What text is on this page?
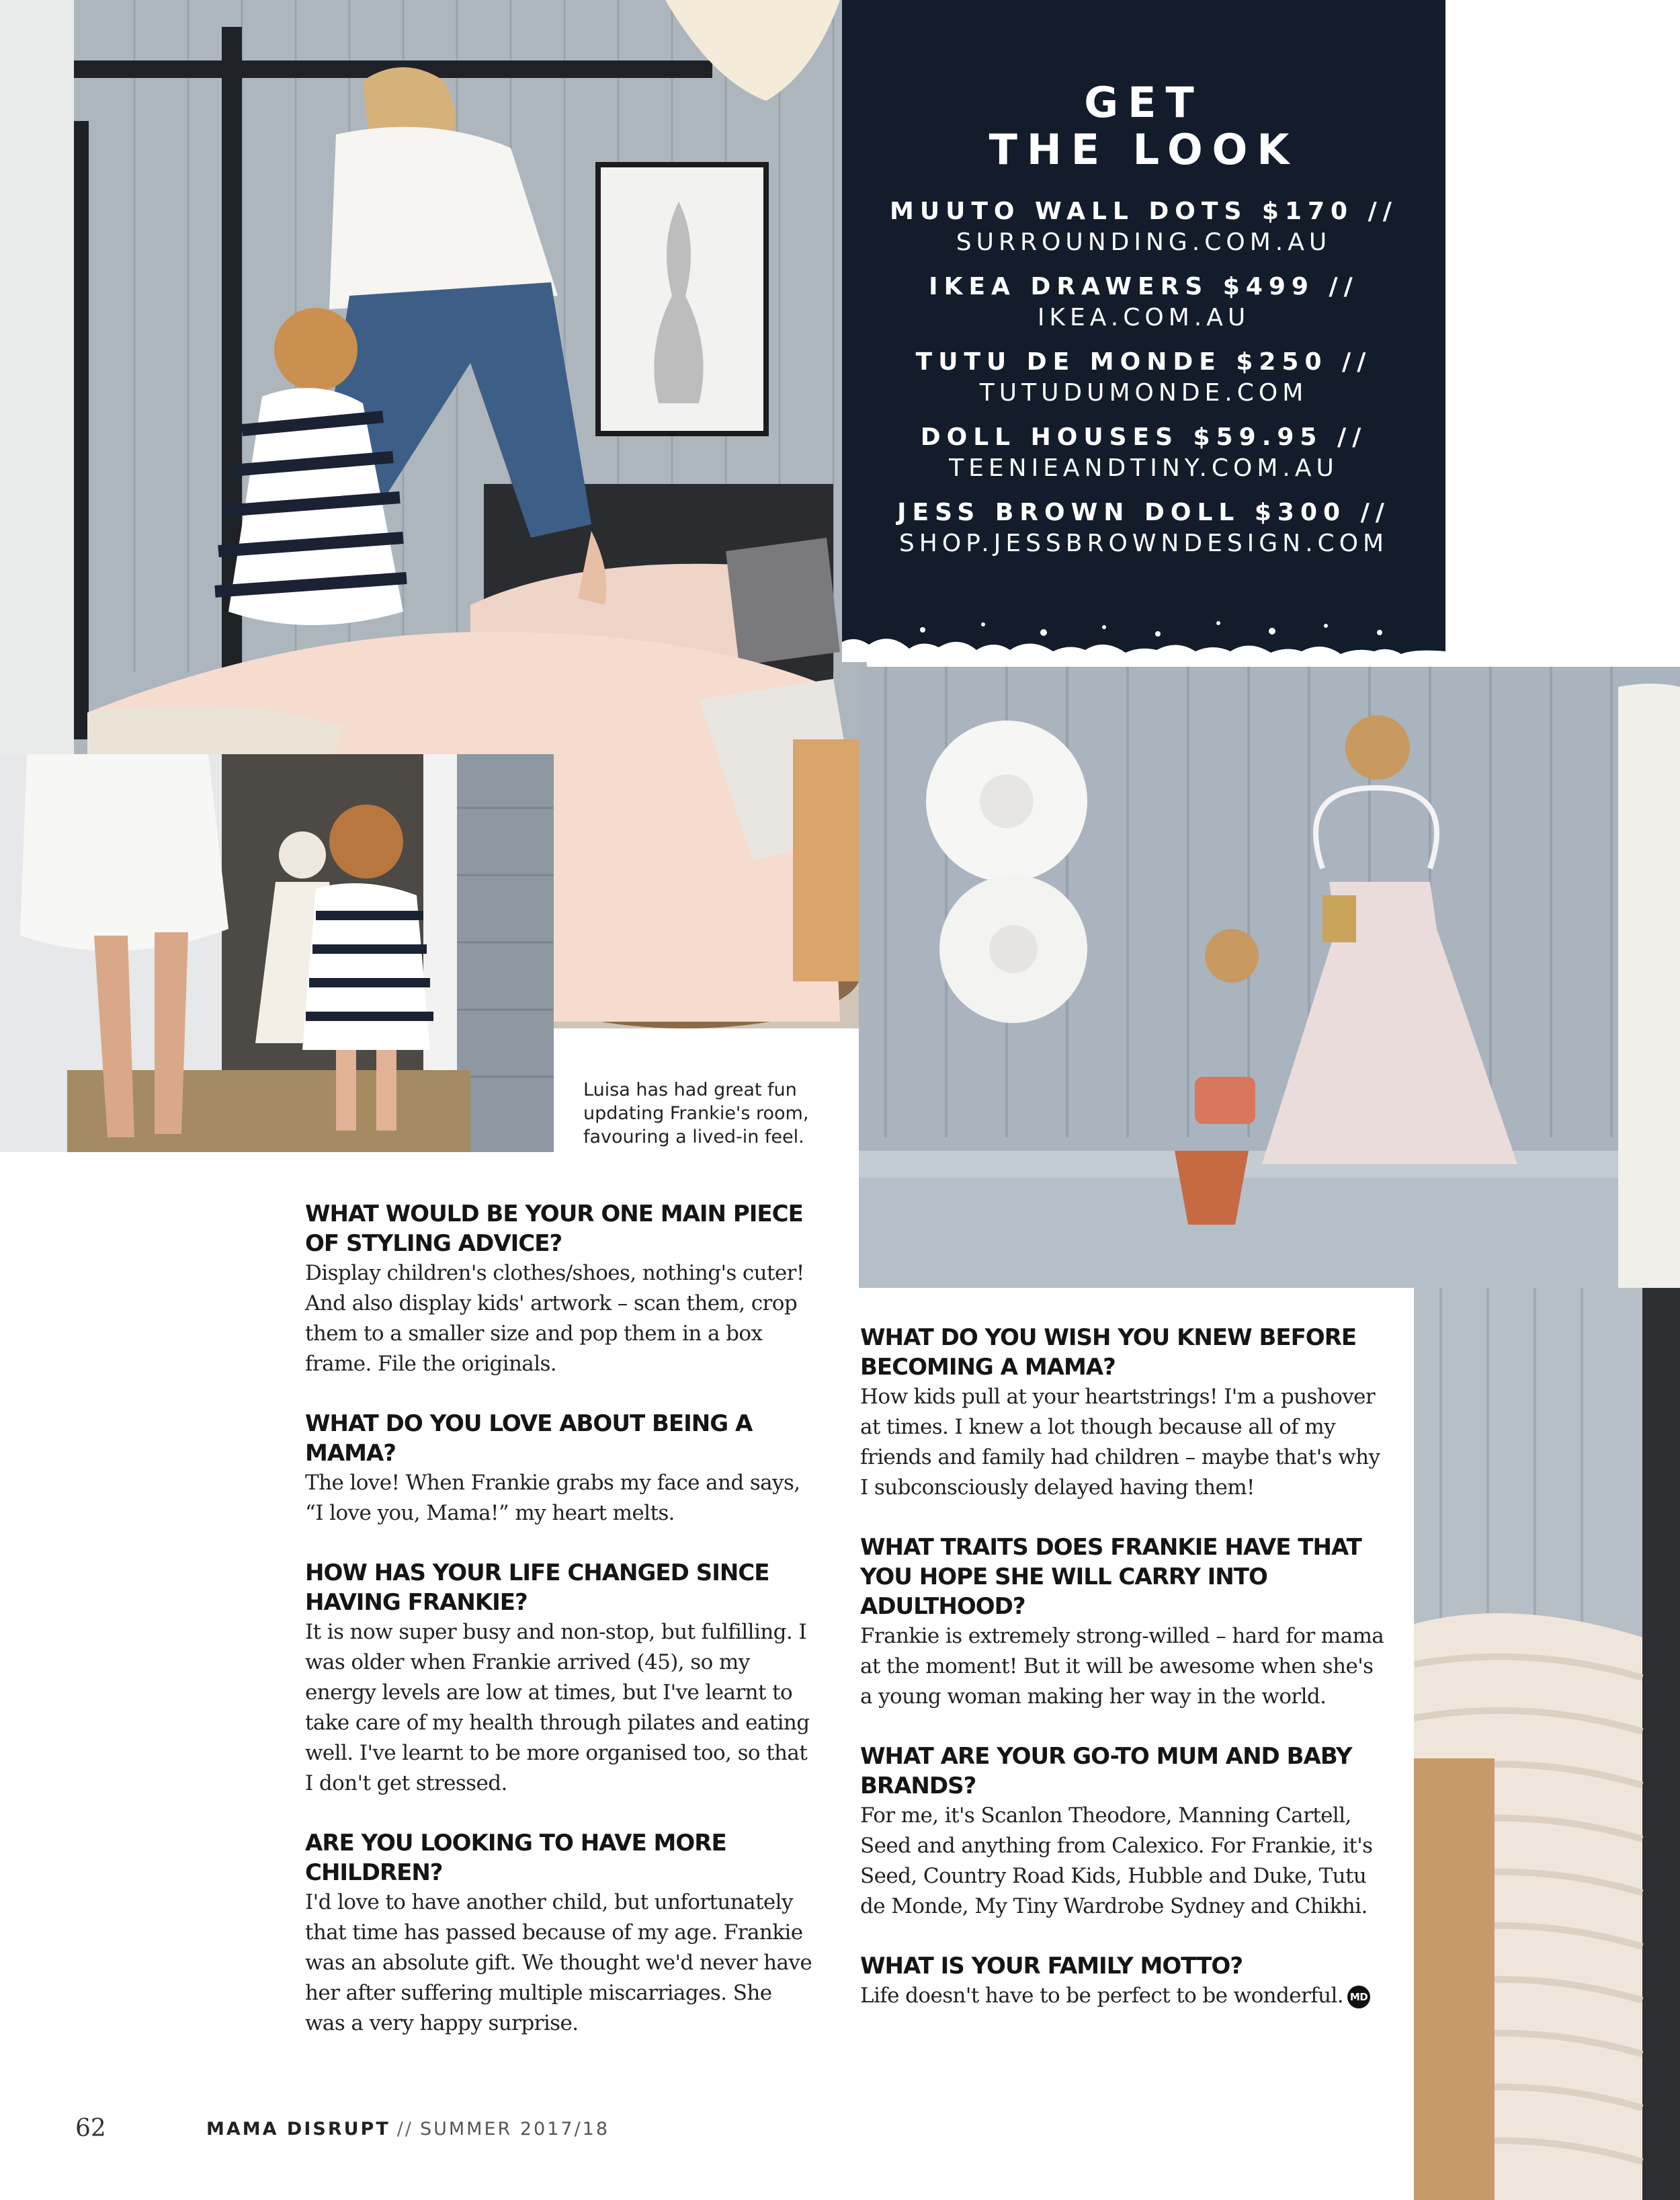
GET
THE LOOK
MUUTO WALL DOTS $170 //
SURROUNDING.COM.AU
IKEA DRAWERS $499 //
IKEA.COM.AU
TUTU DE MONDE $250 //
TUTUDUMONDE.COM
DOLL HOUSES $59.95 //
TEENIEANDTINY.COM.AU
JESS BROWN DOLL $300 //
SHOP.JESSBROWNDESIGN.COM
Luisa has had great fun
updating Frankie's room,
favouring a lived-in feel.
WHAT WOULD BE YOUR ONE MAIN PIECE OF STYLING ADVICE?
Display children's clothes/shoes, nothing's cuter! And also display kids' artwork – scan them, crop them to a smaller size and pop them in a box frame. File the originals.
WHAT DO YOU LOVE ABOUT BEING A MAMA?
The love! When Frankie grabs my face and says, “I love you, Mama!” my heart melts.
HOW HAS YOUR LIFE CHANGED SINCE HAVING FRANKIE?
It is now super busy and non-stop, but fulfilling. I was older when Frankie arrived (45), so my energy levels are low at times, but I've learnt to take care of my health through pilates and eating well. I've learnt to be more organised too, so that I don't get stressed.
ARE YOU LOOKING TO HAVE MORE CHILDREN?
I'd love to have another child, but unfortunately that time has passed because of my age. Frankie was an absolute gift. We thought we'd never have her after suffering multiple miscarriages. She was a very happy surprise.
WHAT DO YOU WISH YOU KNEW BEFORE BECOMING A MAMA?
How kids pull at your heartstrings! I'm a pushover at times. I knew a lot though because all of my friends and family had children – maybe that's why I subconsciously delayed having them!
WHAT TRAITS DOES FRANKIE HAVE THAT YOU HOPE SHE WILL CARRY INTO ADULTHOOD?
Frankie is extremely strong-willed – hard for mama at the moment! But it will be awesome when she's a young woman making her way in the world.
WHAT ARE YOUR GO-TO MUM AND BABY BRANDS?
For me, it's Scanlon Theodore, Manning Cartell, Seed and anything from Calexico. For Frankie, it's Seed, Country Road Kids, Hubble and Duke, Tutu de Monde, My Tiny Wardrobe Sydney and Chikhi.
WHAT IS YOUR FAMILY MOTTO?
Life doesn't have to be perfect to be wonderful. MD
62	MAMA DISRUPT // SUMMER 2017/18
